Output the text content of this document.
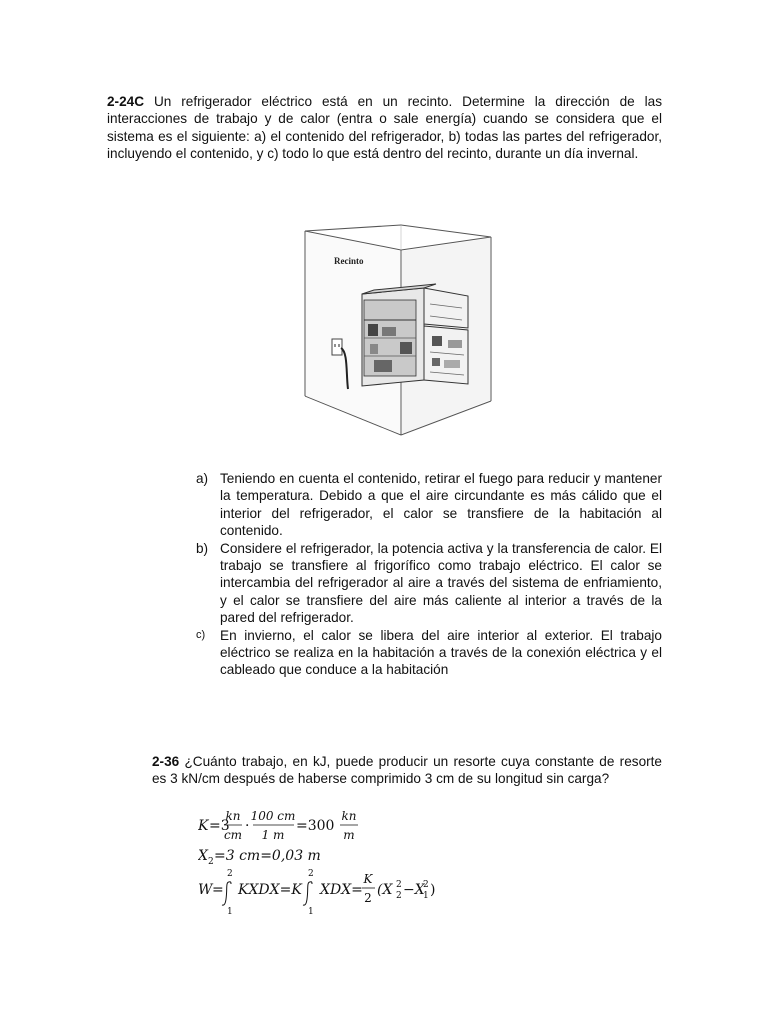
2-24C Un refrigerador eléctrico está en un recinto. Determine la dirección de las interacciones de trabajo y de calor (entra o sale energía) cuando se considera que el sistema es el siguiente: a) el contenido del refrigerador, b) todas las partes del refrigerador, incluyendo el contenido, y c) todo lo que está dentro del recinto, durante un día invernal.
Recinto
a) Teniendo en cuenta el contenido, retirar el fuego para reducir y mantener la temperatura. Debido a que el aire circundante es más cálido que el interior del refrigerador, el calor se transfiere de la habitación al contenido.
b) Considere el refrigerador, la potencia activa y la transferencia de calor. El trabajo se transfiere al frigorífico como trabajo eléctrico. El calor se intercambia del refrigerador al aire a través del sistema de enfriamiento, y el calor se transfiere del aire más caliente al interior a través de la pared del refrigerador.
c) En invierno, el calor se libera del aire interior al exterior. El trabajo eléctrico se realiza en la habitación a través de la conexión eléctrica y el cableado que conduce a la habitación
2-36 ¿Cuánto trabajo, en kJ, puede producir un resorte cuya constante de resorte es 3 kN/cm después de haberse comprimido 3 cm de su longitud sin carga?
K =3
kn
cm
·
100 cm
1 m
=300
kn
m
X 2 =3 cm=0,03 m
W =
2
1
KXDX=K
2
1
XDX=
K
2 (X 2
2 −X
1
2 )
